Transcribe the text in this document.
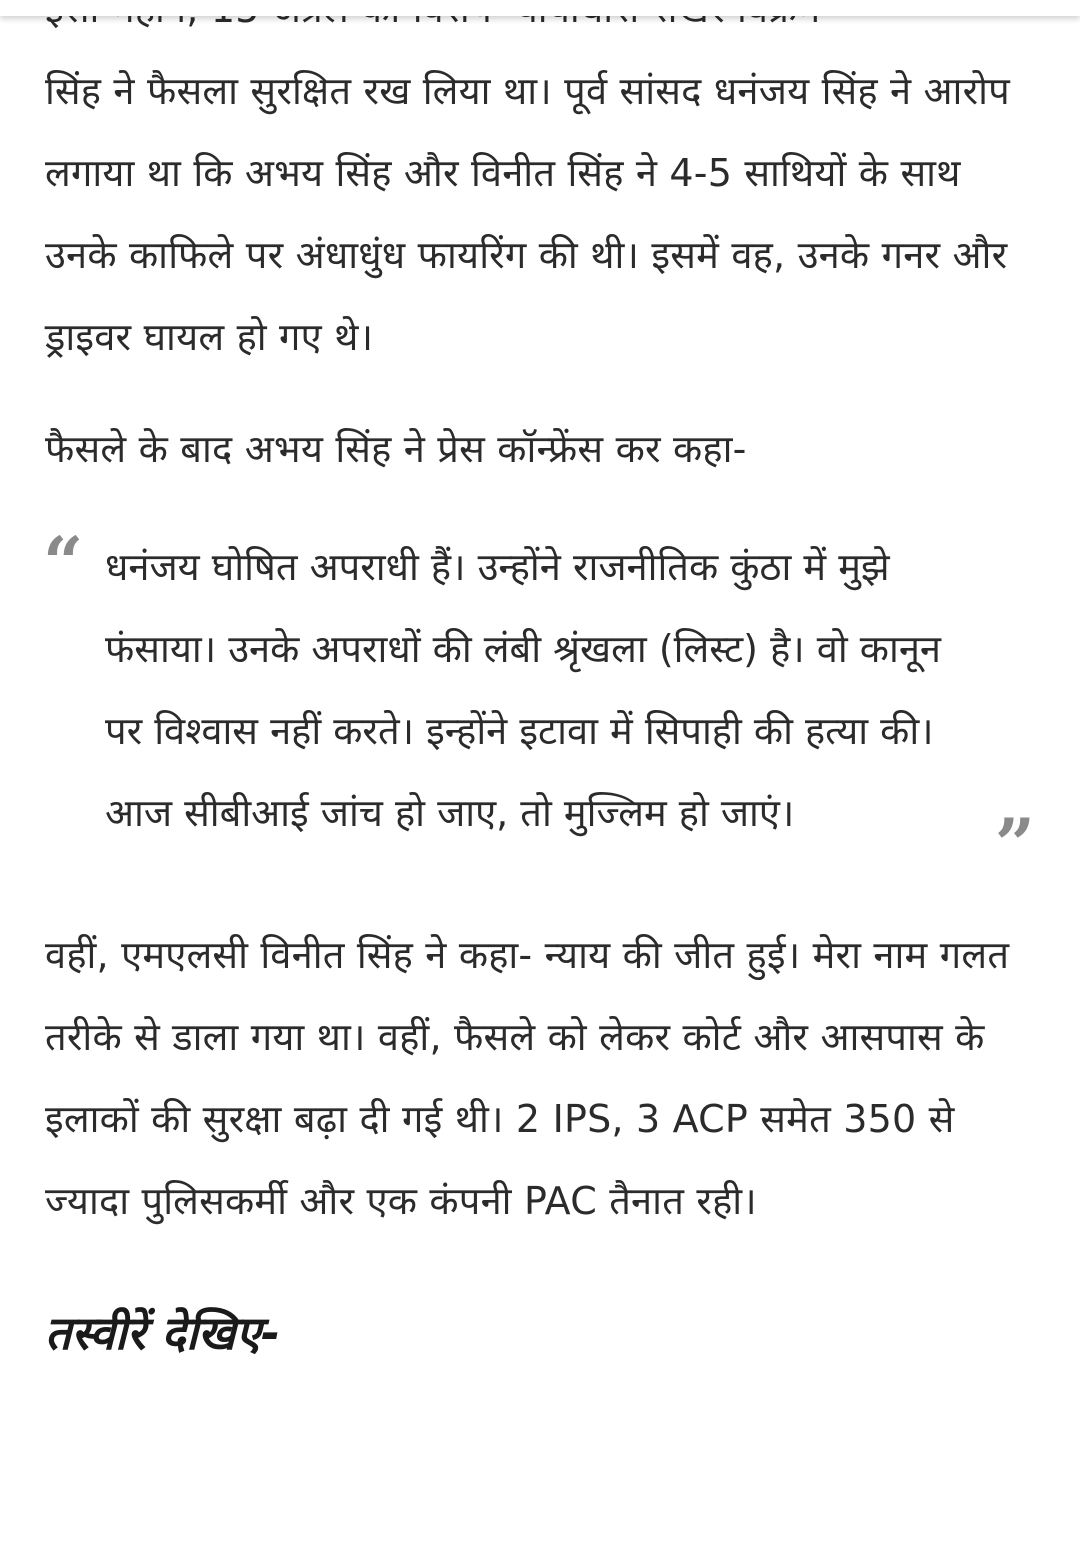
सिंह ने फैसला सुरक्षित रख लिया था। पूर्व सांसद धनंजय सिंह ने आरोप लगाया था कि अभय सिंह और विनीत सिंह ने 4-5 साथियों के साथ उनके काफिले पर अंधाधुंध फायरिंग की थी। इसमें वह, उनके गनर और ड्राइवर घायल हो गए थे।

फैसले के बाद अभय सिंह ने प्रेस कॉन्फ्रेंस कर कहा-

“ धनंजय घोषित अपराधी हैं। उन्होंने राजनीतिक कुंठा में मुझे फंसाया। उनके अपराधों की लंबी श्रृंखला (लिस्ट) है। वो कानून पर विश्वास नहीं करते। इन्होंने इटावा में सिपाही की हत्या की। आज सीबीआई जांच हो जाए, तो मुज्लिम हो जाएं।	”

वहीं, एमएलसी विनीत सिंह ने कहा- न्याय की जीत हुई। मेरा नाम गलत तरीके से डाला गया था। वहीं, फैसले को लेकर कोर्ट और आसपास के इलाकों की सुरक्षा बढ़ा दी गई थी। 2 IPS, 3 ACP समेत 350 से ज्यादा पुलिसकर्मी और एक कंपनी PAC तैनात रही।

तस्वीरें देखिए-
